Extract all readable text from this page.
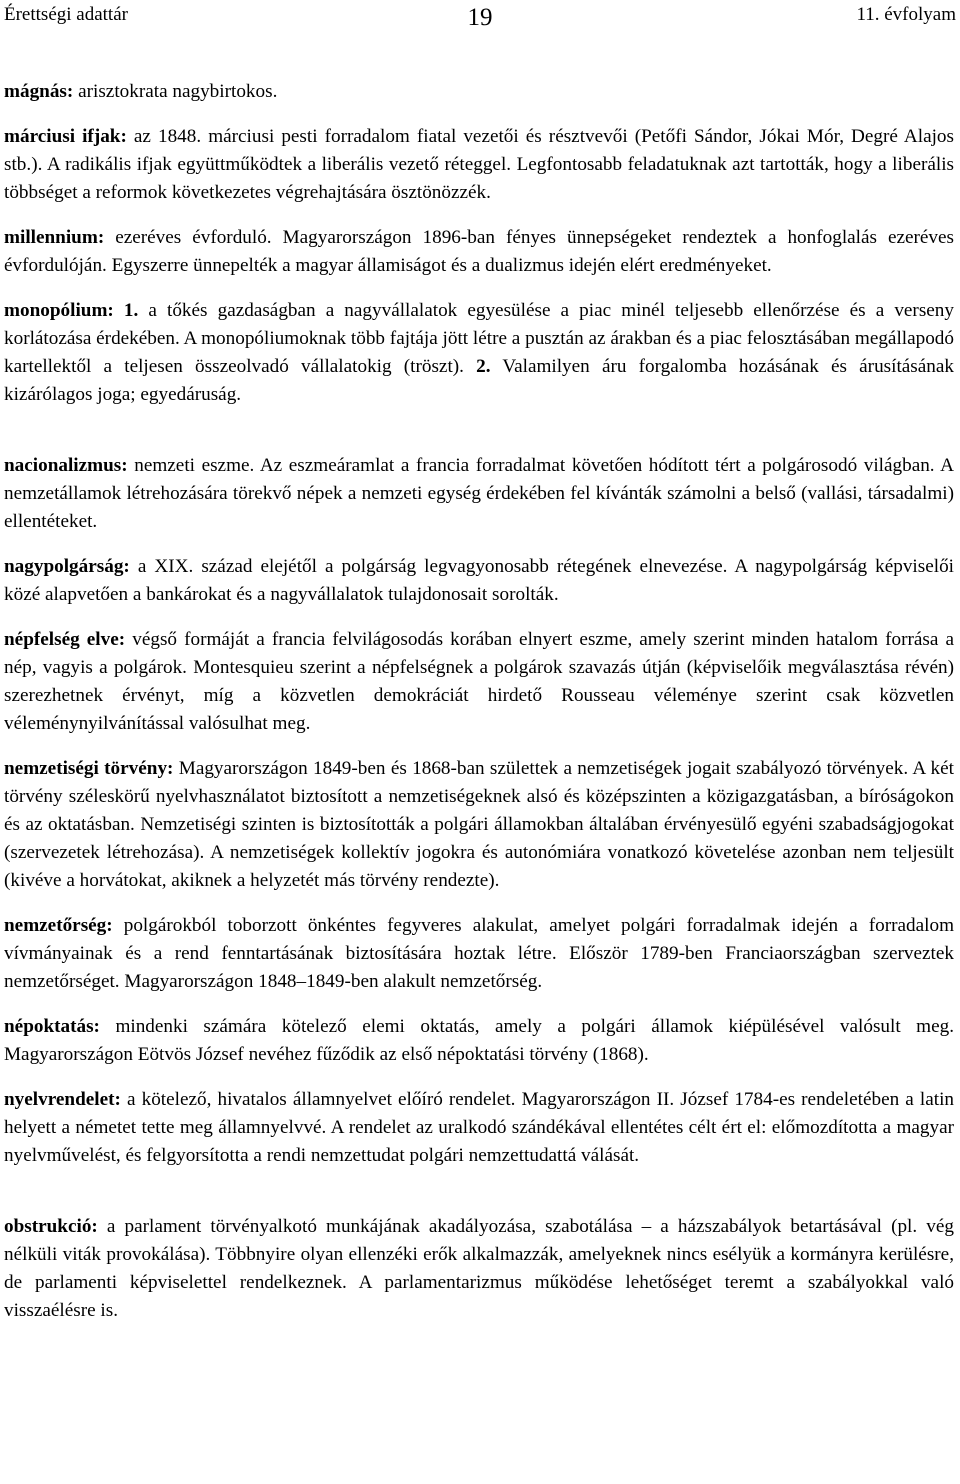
Érettségi adattár	19	11. évfolyam

mágnás: arisztokrata nagybirtokos.

márciusi ifjak: az 1848. márciusi pesti forradalom fiatal vezetői és résztvevői (Petőfi Sándor, Jókai Mór, Degré Alajos stb.). A radikális ifjak együttműködtek a liberális vezető réteggel. Legfontosabb feladatuknak azt tartották, hogy a liberális többséget a reformok következetes végrehajtására ösztönözzék.

millennium: ezeréves évforduló. Magyarországon 1896-ban fényes ünnepségeket rendeztek a honfoglalás ezeréves évfordulóján. Egyszerre ünnepelték a magyar államiságot és a dualizmus idején elért eredményeket.

monopólium: 1. a tőkés gazdaságban a nagyvállalatok egyesülése a piac minél teljesebb ellenőrzése és a verseny korlátozása érdekében. A monopóliumoknak több fajtája jött létre a pusztán az árakban és a piac felosztásában megállapodó kartellektől a teljesen összeolvadó vállalatokig (tröszt). 2. Valamilyen áru forgalomba hozásának és árusításának kizárólagos joga; egyedáruság.

nacionalizmus: nemzeti eszme. Az eszmeáramlat a francia forradalmat követően hódított tért a polgárosodó világban. A nemzetállamok létrehozására törekvő népek a nemzeti egység érdekében fel kívánták számolni a belső (vallási, társadalmi) ellentéteket.

nagypolgárság: a XIX. század elejétől a polgárság legvagyonosabb rétegének elnevezése. A nagypolgárság képviselői közé alapvetően a bankárokat és a nagyvállalatok tulajdonosait sorolták.

népfelség elve: végső formáját a francia felvilágosodás korában elnyert eszme, amely szerint minden hatalom forrása a nép, vagyis a polgárok. Montesquieu szerint a népfelségnek a polgárok szavazás útján (képviselőik megválasztása révén) szerezhetnek érvényt, míg a közvetlen demokráciát hirdető Rousseau véleménye szerint csak közvetlen véleménynyilvánítással valósulhat meg.

nemzetiségi törvény: Magyarországon 1849-ben és 1868-ban születtek a nemzetiségek jogait szabályozó törvények. A két törvény széleskörű nyelvhasználatot biztosított a nemzetiségeknek alsó és középszinten a közigazgatásban, a bíróságokon és az oktatásban. Nemzetiségi szinten is biztosították a polgári államokban általában érvényesülő egyéni szabadságjogokat (szervezetek létrehozása). A nemzetiségek kollektív jogokra és autonómiára vonatkozó követelése azonban nem teljesült (kivéve a horvátokat, akiknek a helyzetét más törvény rendezte).

nemzetőrség: polgárokból toborzott önkéntes fegyveres alakulat, amelyet polgári forradalmak idején a forradalom vívmányainak és a rend fenntartásának biztosítására hoztak létre. Először 1789-ben Franciaországban szerveztek nemzetőrséget. Magyarországon 1848–1849-ben alakult nemzetőrség.

népoktatás: mindenki számára kötelező elemi oktatás, amely a polgári államok kiépülésével valósult meg. Magyarországon Eötvös József nevéhez fűződik az első népoktatási törvény (1868).

nyelvrendelet: a kötelező, hivatalos államnyelvet előíró rendelet. Magyarországon II. József 1784-es rendeletében a latin helyett a németet tette meg államnyelvvé. A rendelet az uralkodó szándékával ellentétes célt ért el: előmozdította a magyar nyelvművelést, és felgyorsította a rendi nemzettudat polgári nemzettudattá válását.

obstrukció: a parlament törvényalkotó munkájának akadályozása, szabotálása – a házszabályok betartásával (pl. vég nélküli viták provokálása). Többnyire olyan ellenzéki erők alkalmazzák, amelyeknek nincs esélyük a kormányra kerülésre, de parlamenti képviselettel rendelkeznek. A parlamentarizmus működése lehetőséget teremt a szabályokkal való visszaélésre is.
